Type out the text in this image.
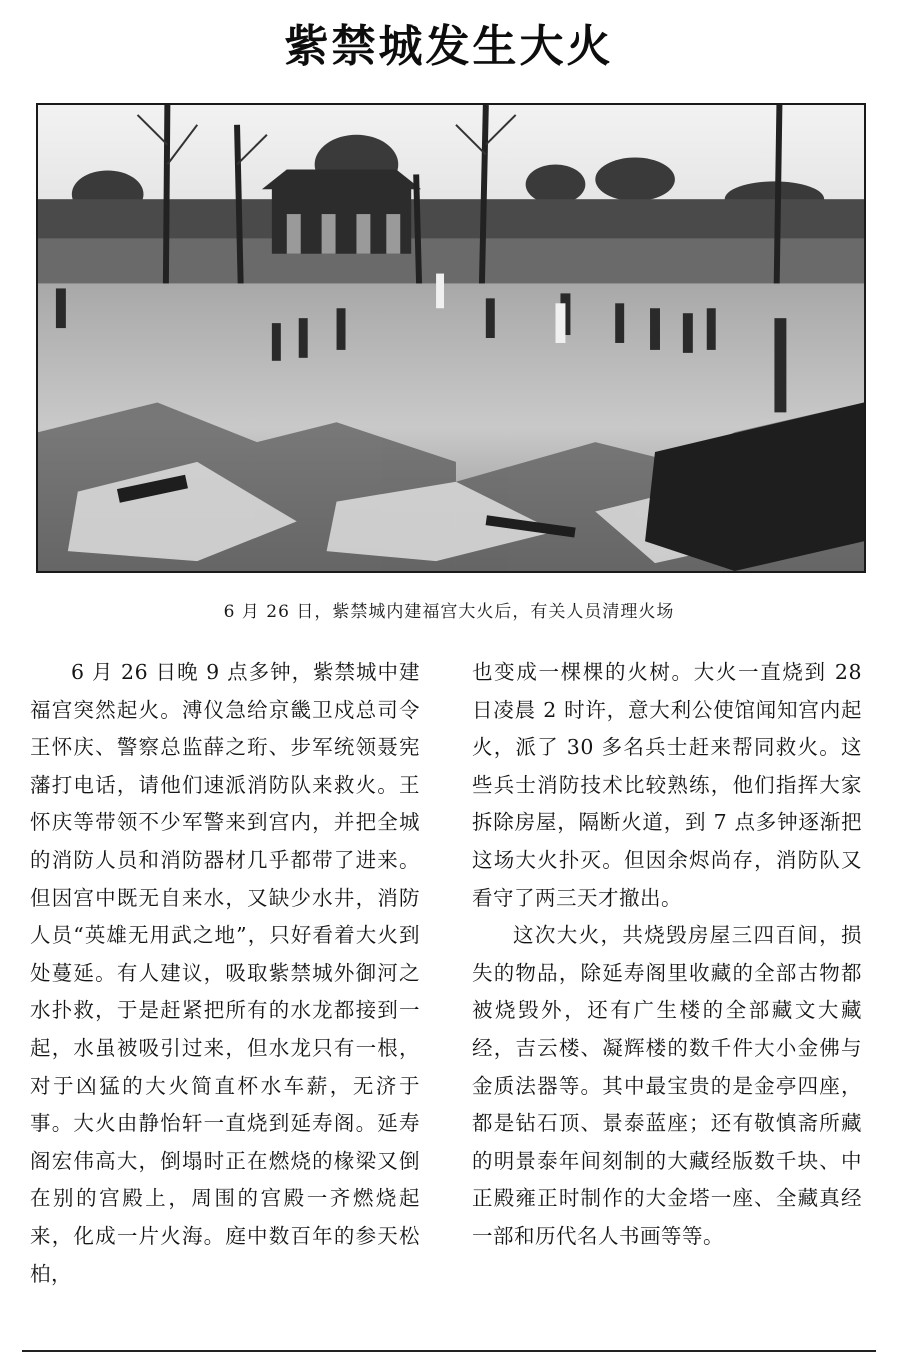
紫禁城发生大火

6 月 26 日，紫禁城内建福宫大火后，有关人员清理火场

6 月 26 日晚 9 点多钟，紫禁城中建福宫突然起火。溥仪急给京畿卫戍总司令王怀庆、警察总监薛之珩、步军统领聂宪藩打电话，请他们速派消防队来救火。王怀庆等带领不少军警来到宫内，并把全城的消防人员和消防器材几乎都带了进来。但因宫中既无自来水，又缺少水井，消防人员“英雄无用武之地”，只好看着大火到处蔓延。有人建议，吸取紫禁城外御河之水扑救，于是赶紧把所有的水龙都接到一起，水虽被吸引过来，但水龙只有一根，对于凶猛的大火简直杯水车薪，无济于事。大火由静怡轩一直烧到延寿阁。延寿阁宏伟高大，倒塌时正在燃烧的椽梁又倒在别的宫殿上，周围的宫殿一齐燃烧起来，化成一片火海。庭中数百年的参天松柏，

也变成一棵棵的火树。大火一直烧到 28 日凌晨 2 时许，意大利公使馆闻知宫内起火，派了 30 多名兵士赶来帮同救火。这些兵士消防技术比较熟练，他们指挥大家拆除房屋，隔断火道，到 7 点多钟逐渐把这场大火扑灭。但因余烬尚存，消防队又看守了两三天才撤出。

这次大火，共烧毁房屋三四百间，损失的物品，除延寿阁里收藏的全部古物都被烧毁外，还有广生楼的全部藏文大藏经，吉云楼、凝辉楼的数千件大小金佛与金质法器等。其中最宝贵的是金亭四座，都是钻石顶、景泰蓝座；还有敬慎斋所藏的明景泰年间刻制的大藏经版数千块、中正殿雍正时制作的大金塔一座、全藏真经一部和历代名人书画等等。
